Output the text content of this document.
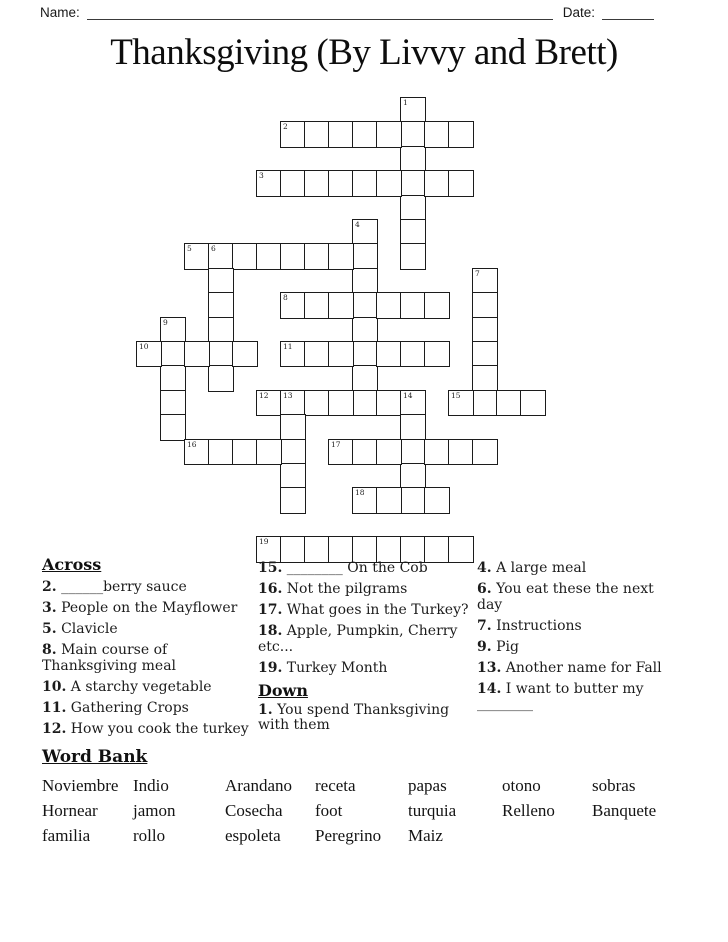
Name:	Date:
Thanksgiving (By Livvy and Brett)
1
2
3
4
5	6
7
8
9
10	11
12 13	14	15
16	17
18
19
Across

2. ______berry sauce

3. People on the Mayflower

5. Clavicle

8. Main course of Thanksgiving meal

10. A starchy vegetable

11. Gathering Crops

12. How you cook the turkey

15. ________ On the Cob

16. Not the pilgrams

17. What goes in the Turkey?

18. Apple, Pumpkin, Cherry etc...

19. Turkey Month

Down

1. You spend Thanksgiving with them

4. A large meal

6. You eat these the next day

7. Instructions

9. Pig

13. Another name for Fall

14. I want to butter my ________

Word Bank
Noviembre Indio	Arandano	receta	papas	otono	sobras
Hornear	jamon	Cosecha	foot	turquia	Relleno	Banquete
familia	rollo	espoleta	Peregrino	Maiz
